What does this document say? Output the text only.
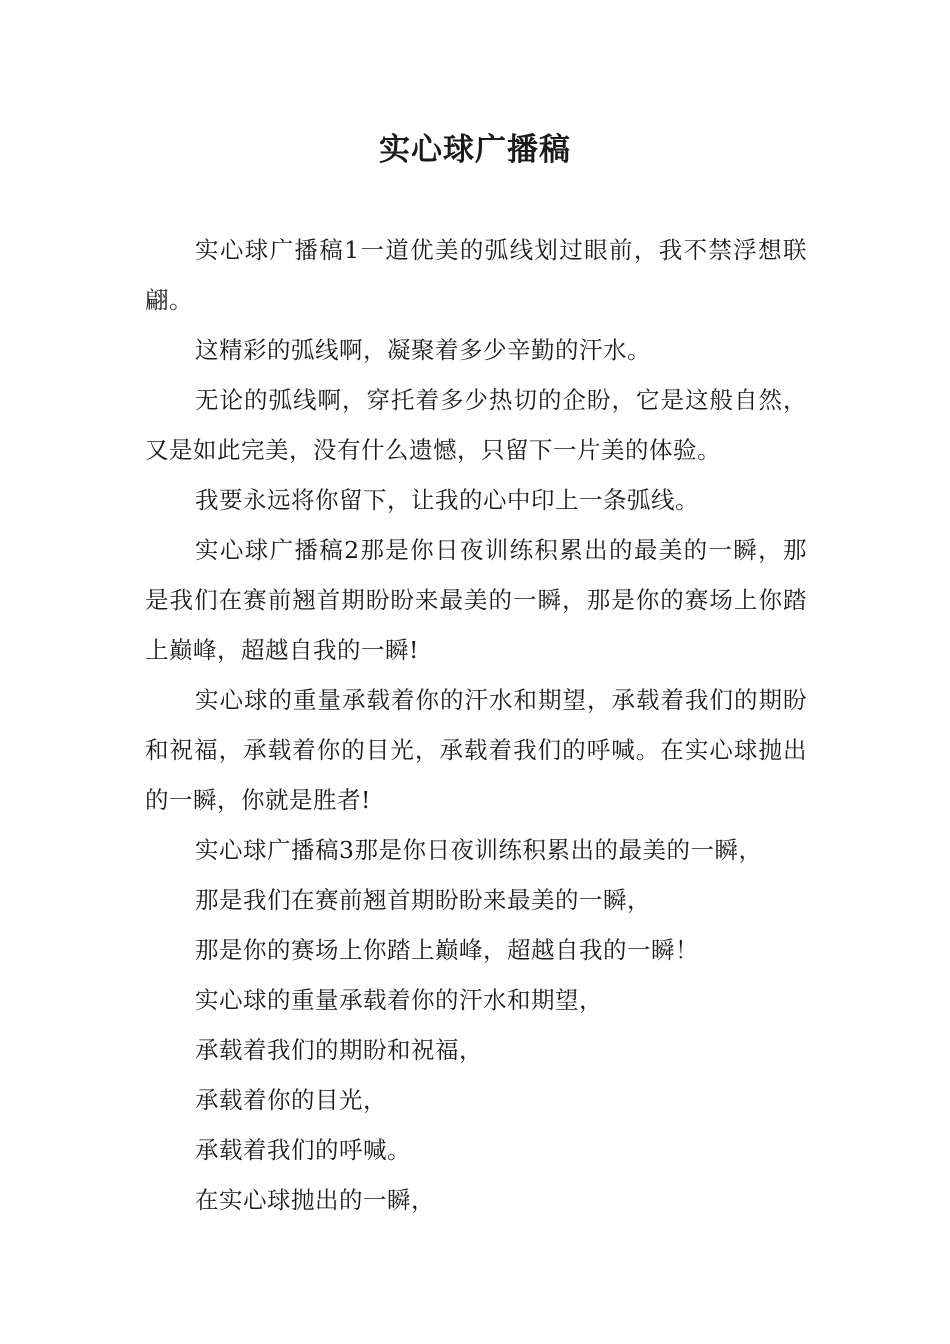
实心球广播稿

实心球广播稿1一道优美的弧线划过眼前，我不禁浮想联翩。

这精彩的弧线啊，凝聚着多少辛勤的汗水。

无论的弧线啊，穿托着多少热切的企盼，它是这般自然，又是如此完美，没有什么遗憾，只留下一片美的体验。

我要永远将你留下，让我的心中印上一条弧线。

实心球广播稿2那是你日夜训练积累出的最美的一瞬，那是我们在赛前翘首期盼盼来最美的一瞬，那是你的赛场上你踏上巅峰，超越自我的一瞬!

实心球的重量承载着你的汗水和期望，承载着我们的期盼和祝福，承载着你的目光，承载着我们的呼喊。在实心球抛出的一瞬，你就是胜者!

实心球广播稿3那是你日夜训练积累出的最美的一瞬，

那是我们在赛前翘首期盼盼来最美的一瞬，

那是你的赛场上你踏上巅峰，超越自我的一瞬！

实心球的重量承载着你的汗水和期望，

承载着我们的期盼和祝福，

承载着你的目光，

承载着我们的呼喊。

在实心球抛出的一瞬，
